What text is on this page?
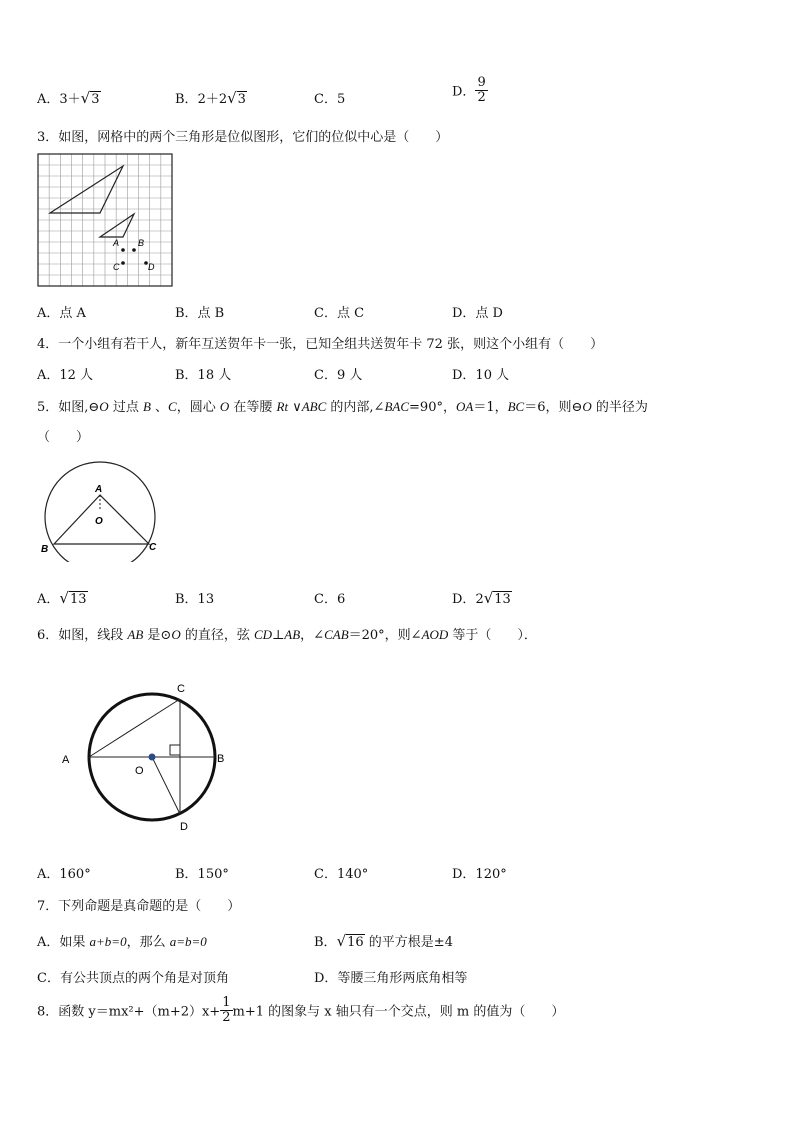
A．3＋√3	B．2＋2√3	C．5	D． $\frac{9}{2}$
3．如图，网格中的两个三角形是位似图形，它们的位似中心是（　　）
A B
C	D
A．点 A	B．点 B	C．点 C	D．点 D
4．一个小组有若干人，新年互送贺年卡一张，已知全组共送贺年卡 72 张，则这个小组有（　　）
A．12 人	B．18 人	C．9 人	D．10 人
5．如图,⊖O 过点 B 、C，圆心 O 在等腰 Rt ∨ABC 的内部,∠BAC=90°，OA＝1，BC＝6，则⊖O 的半径为
（　　）
A
O
B	C
A．√13	B．13	C．6	D．2√13
6．如图，线段 AB 是⊙O 的直径，弦 CD⊥AB，∠CAB＝20°，则∠AOD 等于（　　）．
A	B
C
D
O
A．160°	B．150°	C．140°	D．120°
7．下列命题是真命题的是（　　）
A．如果 a+b=0，那么 a=b=0	B．√16 的平方根是±4
C．有公共顶点的两个角是对顶角	D．等腰三角形两底角相等
8．函数 $y=mx^2+(m+2)x+ \frac{1}{2} m+1$ 的图象与 x 轴只有一个交点，则 m 的值为（　　）
